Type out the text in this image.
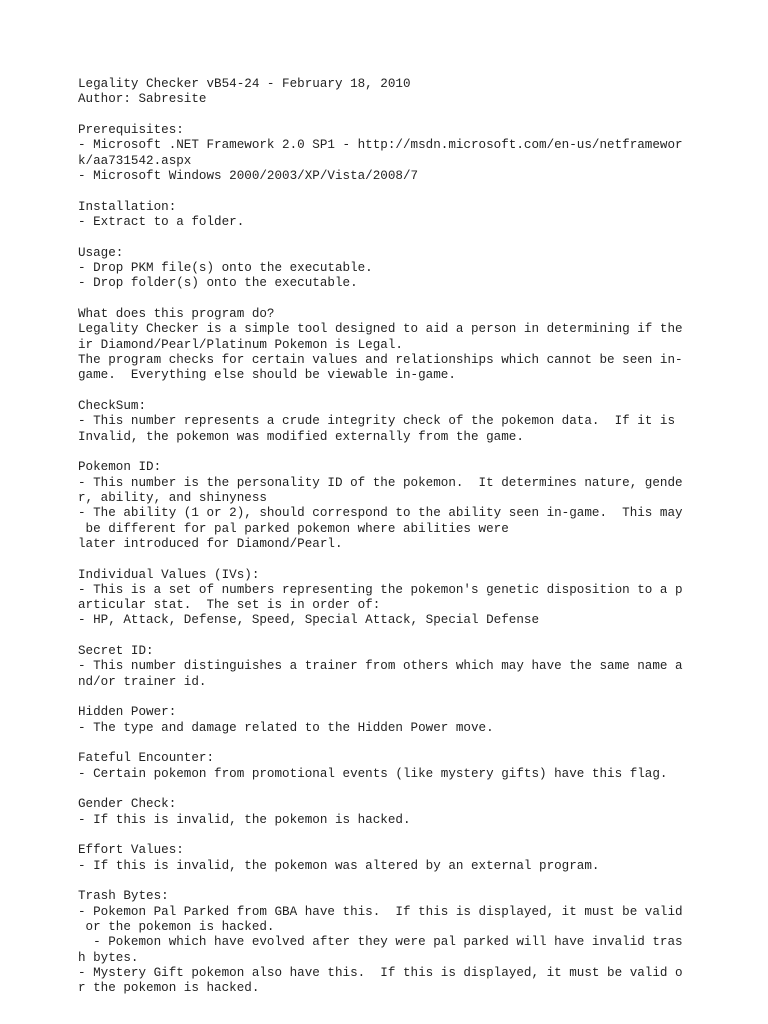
Legality Checker vB54-24 - February 18, 2010
Author: Sabresite
Prerequisites:
- Microsoft .NET Framework 2.0 SP1 - http://msdn.microsoft.com/en-us/netframewor
k/aa731542.aspx
- Microsoft Windows 2000/2003/XP/Vista/2008/7
Installation:
- Extract to a folder.
Usage:
- Drop PKM file(s) onto the executable.
- Drop folder(s) onto the executable.
What does this program do?
Legality Checker is a simple tool designed to aid a person in determining if the
ir Diamond/Pearl/Platinum Pokemon is Legal.
The program checks for certain values and relationships which cannot be seen in-
game.  Everything else should be viewable in-game.
CheckSum:
- This number represents a crude integrity check of the pokemon data.  If it is
Invalid, the pokemon was modified externally from the game.
Pokemon ID:
- This number is the personality ID of the pokemon.  It determines nature, gende
r, ability, and shinyness
- The ability (1 or 2), should correspond to the ability seen in-game.  This may
be different for pal parked pokemon where abilities were
later introduced for Diamond/Pearl.
Individual Values (IVs):
- This is a set of numbers representing the pokemon's genetic disposition to a p
articular stat.  The set is in order of:
- HP, Attack, Defense, Speed, Special Attack, Special Defense
Secret ID:
- This number distinguishes a trainer from others which may have the same name a
nd/or trainer id.
Hidden Power:
- The type and damage related to the Hidden Power move.
Fateful Encounter:
- Certain pokemon from promotional events (like mystery gifts) have this flag.
Gender Check:
- If this is invalid, the pokemon is hacked.
Effort Values:
- If this is invalid, the pokemon was altered by an external program.
Trash Bytes:
- Pokemon Pal Parked from GBA have this.  If this is displayed, it must be valid
or the pokemon is hacked.
- Pokemon which have evolved after they were pal parked will have invalid tras
h bytes.
- Mystery Gift pokemon also have this.  If this is displayed, it must be valid o
r the pokemon is hacked.
